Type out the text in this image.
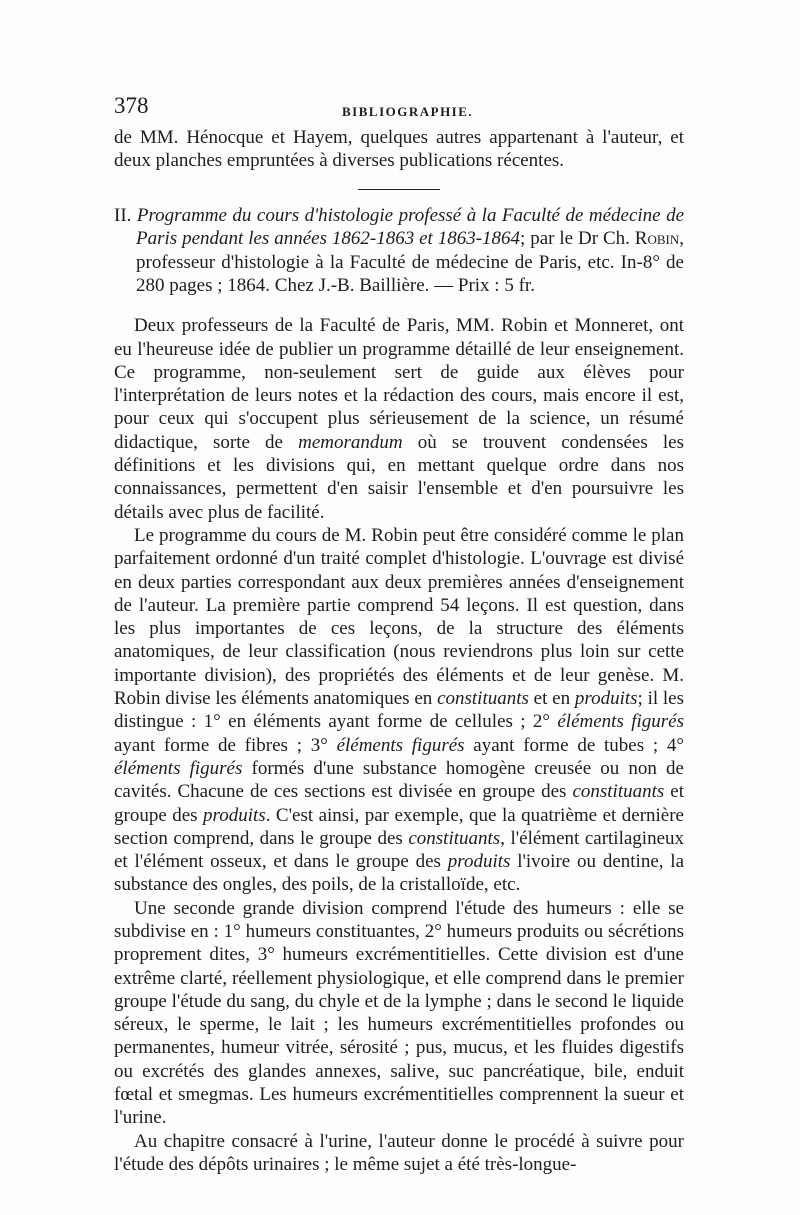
378	BIBLIOGRAPHIE.

de MM. Hénocque et Hayem, quelques autres appartenant à l'auteur, et deux planches empruntées à diverses publications récentes.

II. Programme du cours d'histologie professé à la Faculté de médecine de Paris pendant les années 1862-1863 et 1863-1864; par le Dr Ch. Robin, professeur d'histologie à la Faculté de médecine de Paris, etc. In-8° de 280 pages ; 1864. Chez J.-B. Baillière. — Prix : 5 fr.

Deux professeurs de la Faculté de Paris, MM. Robin et Monneret, ont eu l'heureuse idée de publier un programme détaillé de leur enseignement. Ce programme, non-seulement sert de guide aux élèves pour l'interprétation de leurs notes et la rédaction des cours, mais encore il est, pour ceux qui s'occupent plus sérieusement de la science, un résumé didactique, sorte de memorandum où se trouvent condensées les définitions et les divisions qui, en mettant quelque ordre dans nos connaissances, permettent d'en saisir l'ensemble et d'en poursuivre les détails avec plus de facilité.

Le programme du cours de M. Robin peut être considéré comme le plan parfaitement ordonné d'un traité complet d'histologie. L'ouvrage est divisé en deux parties correspondant aux deux premières années d'enseignement de l'auteur. La première partie comprend 54 leçons. Il est question, dans les plus importantes de ces leçons, de la structure des éléments anatomiques, de leur classification (nous reviendrons plus loin sur cette importante division), des propriétés des éléments et de leur genèse. M. Robin divise les éléments anatomiques en constituants et en produits; il les distingue : 1° en éléments ayant forme de cellules ; 2° éléments figurés ayant forme de fibres ; 3° éléments figurés ayant forme de tubes ; 4° éléments figurés formés d'une substance homogène creusée ou non de cavités. Chacune de ces sections est divisée en groupe des constituants et groupe des produits. C'est ainsi, par exemple, que la quatrième et dernière section comprend, dans le groupe des constituants, l'élément cartilagineux et l'élément osseux, et dans le groupe des produits l'ivoire ou dentine, la substance des ongles, des poils, de la cristalloïde, etc.

Une seconde grande division comprend l'étude des humeurs : elle se subdivise en : 1° humeurs constituantes, 2° humeurs produits ou sécrétions proprement dites, 3° humeurs excrémentitielles. Cette division est d'une extrême clarté, réellement physiologique, et elle comprend dans le premier groupe l'étude du sang, du chyle et de la lymphe ; dans le second le liquide séreux, le sperme, le lait ; les humeurs excrémentitielles profondes ou permanentes, humeur vitrée, sérosité ; pus, mucus, et les fluides digestifs ou excrétés des glandes annexes, salive, suc pancréatique, bile, enduit fœtal et smegmas. Les humeurs excrémentitielles comprennent la sueur et l'urine.

Au chapitre consacré à l'urine, l'auteur donne le procédé à suivre pour l'étude des dépôts urinaires ; le même sujet a été très-longue-
